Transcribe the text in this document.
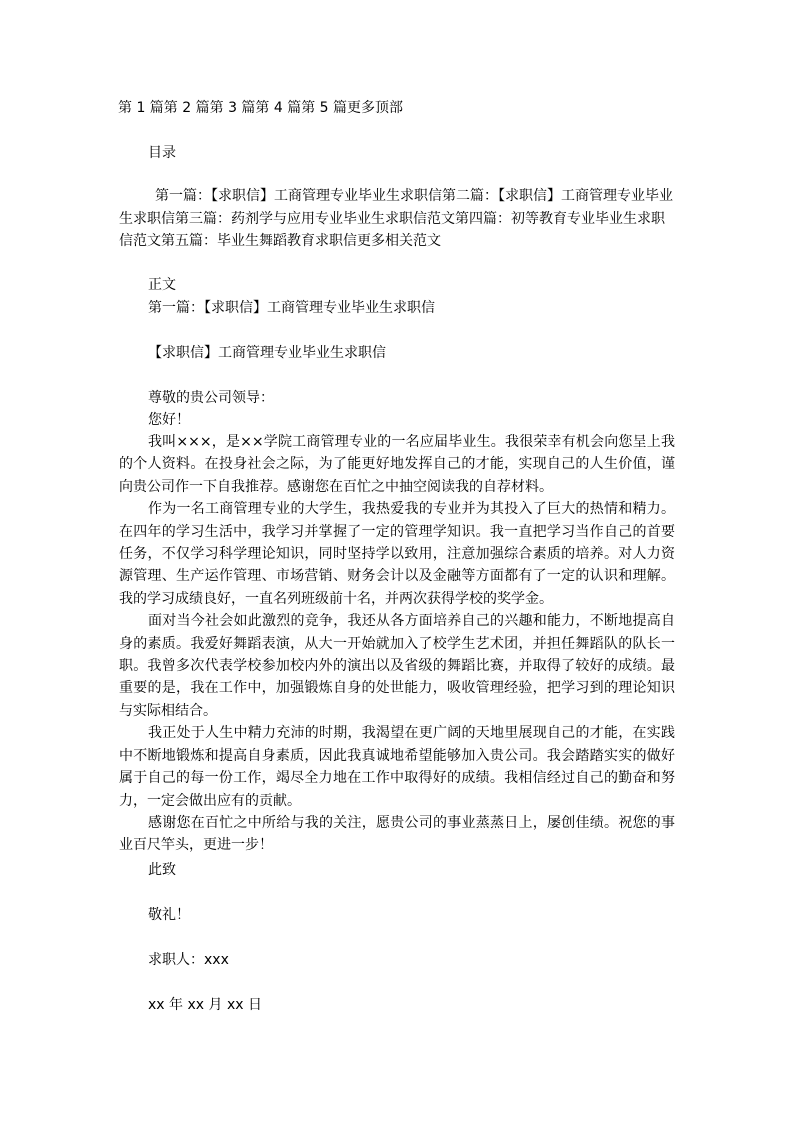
第 1 篇第 2 篇第 3 篇第 4 篇第 5 篇更多顶部
目录
第一篇：【求职信】工商管理专业毕业生求职信第二篇：【求职信】工商管理专业毕业生求职信第三篇：药剂学与应用专业毕业生求职信范文第四篇：初等教育专业毕业生求职信范文第五篇：毕业生舞蹈教育求职信更多相关范文
正文
第一篇：【求职信】工商管理专业毕业生求职信
【求职信】工商管理专业毕业生求职信
尊敬的贵公司领导：
您好！

我叫×××，是××学院工商管理专业的一名应届毕业生。我很荣幸有机会向您呈上我的个人资料。在投身社会之际，为了能更好地发挥自己的才能，实现自己的人生价值，谨向贵公司作一下自我推荐。感谢您在百忙之中抽空阅读我的自荐材料。

作为一名工商管理专业的大学生，我热爱我的专业并为其投入了巨大的热情和精力。在四年的学习生活中，我学习并掌握了一定的管理学知识。我一直把学习当作自己的首要任务，不仅学习科学理论知识，同时坚持学以致用，注意加强综合素质的培养。对人力资源管理、生产运作管理、市场营销、财务会计以及金融等方面都有了一定的认识和理解。我的学习成绩良好，一直名列班级前十名，并两次获得学校的奖学金。

面对当今社会如此激烈的竞争，我还从各方面培养自己的兴趣和能力，不断地提高自身的素质。我爱好舞蹈表演，从大一开始就加入了校学生艺术团，并担任舞蹈队的队长一职。我曾多次代表学校参加校内外的演出以及省级的舞蹈比赛，并取得了较好的成绩。最重要的是，我在工作中，加强锻炼自身的处世能力，吸收管理经验，把学习到的理论知识与实际相结合。

我正处于人生中精力充沛的时期，我渴望在更广阔的天地里展现自己的才能，在实践中不断地锻炼和提高自身素质，因此我真诚地希望能够加入贵公司。我会踏踏实实的做好属于自己的每一份工作，竭尽全力地在工作中取得好的成绩。我相信经过自己的勤奋和努力，一定会做出应有的贡献。

感谢您在百忙之中所给与我的关注，愿贵公司的事业蒸蒸日上，屡创佳绩。祝您的事业百尺竿头，更进一步！

此致
敬礼！
求职人：xxx
xx 年 xx 月 xx 日
